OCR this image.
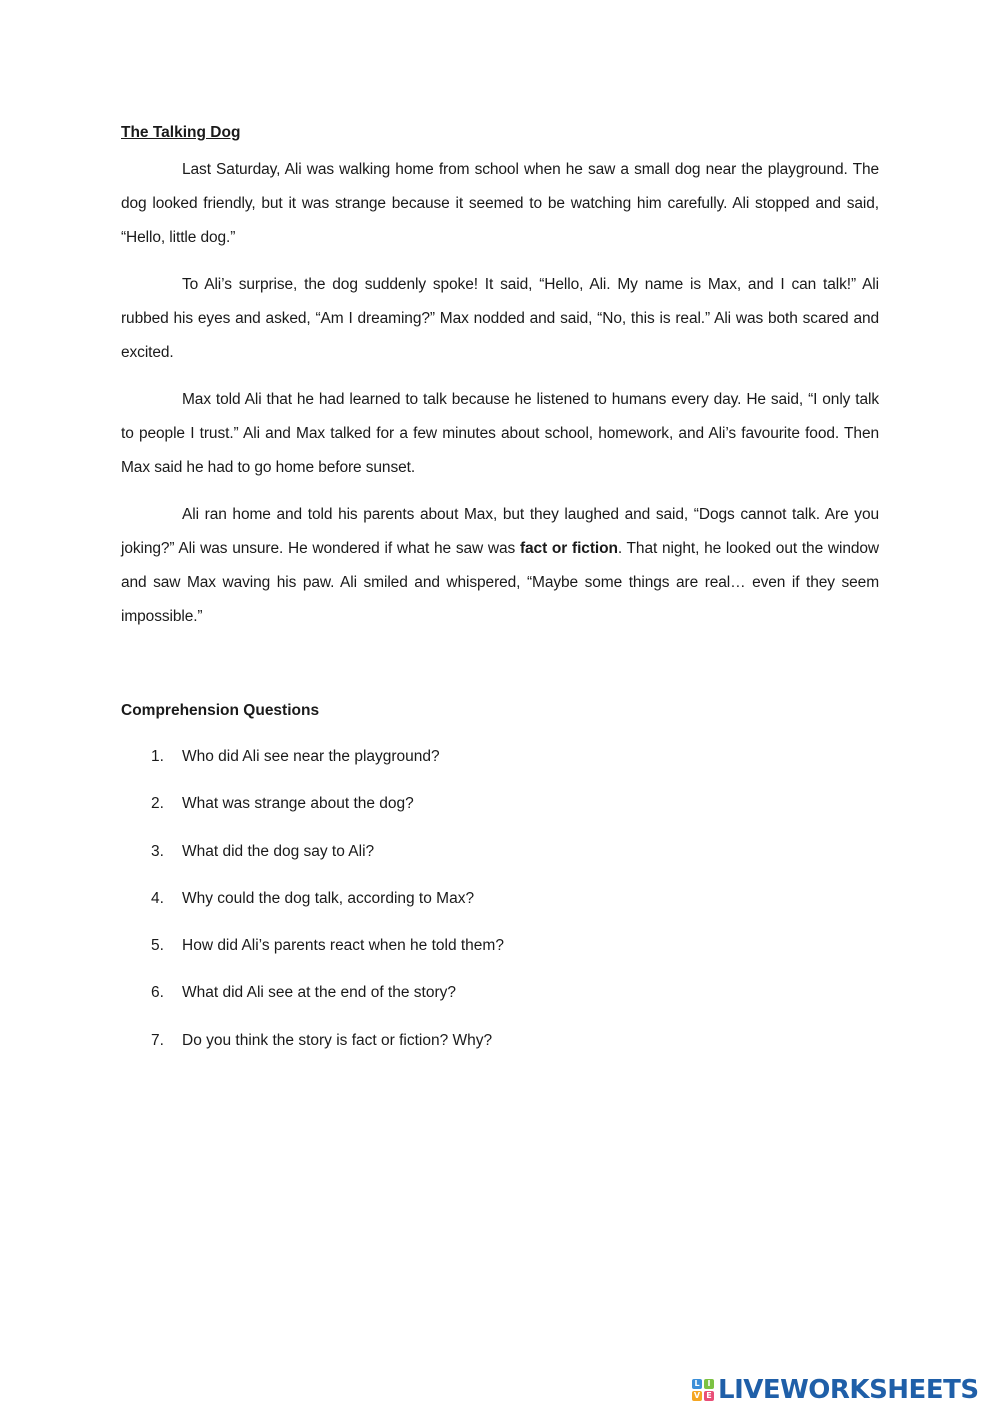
The Talking Dog

Last Saturday, Ali was walking home from school when he saw a small dog near the playground. The dog looked friendly, but it was strange because it seemed to be watching him carefully. Ali stopped and said, “Hello, little dog.”

To Ali’s surprise, the dog suddenly spoke! It said, “Hello, Ali. My name is Max, and I can talk!” Ali rubbed his eyes and asked, “Am I dreaming?” Max nodded and said, “No, this is real.” Ali was both scared and excited.

Max told Ali that he had learned to talk because he listened to humans every day. He said, “I only talk to people I trust.” Ali and Max talked for a few minutes about school, homework, and Ali’s favourite food. Then Max said he had to go home before sunset.

Ali ran home and told his parents about Max, but they laughed and said, “Dogs cannot talk. Are you joking?” Ali was unsure. He wondered if what he saw was fact or fiction. That night, he looked out the window and saw Max waving his paw. Ali smiled and whispered, “Maybe some things are real… even if they seem impossible.”

Comprehension Questions
1.	Who did Ali see near the playground?
2.	What was strange about the dog?
3.	What did the dog say to Ali?
4.	Why could the dog talk, according to Max?
5.	How did Ali’s parents react when he told them?
6.	What did Ali see at the end of the story?
7.	Do you think the story is fact or fiction? Why?
L I
V E LIVEWORKSHEETS
